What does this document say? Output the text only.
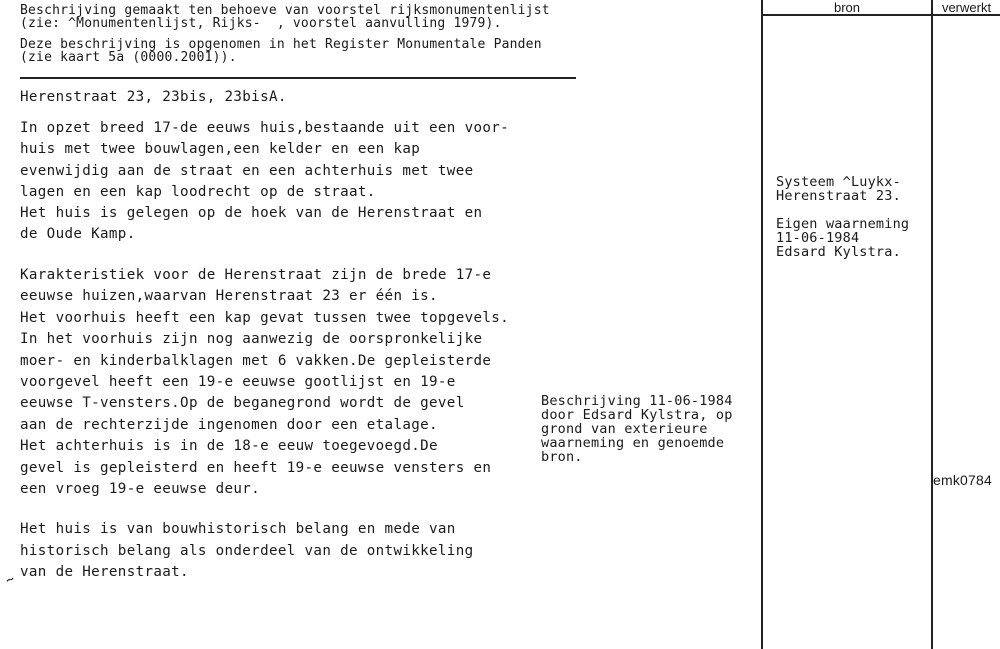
Beschrijving gemaakt ten behoeve van voorstel rijksmonumentenlijst
(zie: ^Monumentenlijst, Rijks-  , voorstel aanvulling 1979).
Deze beschrijving is opgenomen in het Register Monumentale Panden
(zie kaart 5a (0000.2001)).
bron	verwerkt
Herenstraat 23, 23bis, 23bisA.
In opzet breed 17-de eeuws huis,bestaande uit een voor-
huis met twee bouwlagen,een kelder en een kap
evenwijdig aan de straat en een achterhuis met twee
lagen en een kap loodrecht op de straat.
Het huis is gelegen op de hoek van de Herenstraat en
de Oude Kamp.
Karakteristiek voor de Herenstraat zijn de brede 17-e
eeuwse huizen,waarvan Herenstraat 23 er één is.
Het voorhuis heeft een kap gevat tussen twee topgevels.
In het voorhuis zijn nog aanwezig de oorspronkelijke
moer- en kinderbalklagen met 6 vakken.De gepleisterde
voorgevel heeft een 19-e eeuwse gootlijst en 19-e
eeuwse T-vensters.Op de beganegrond wordt de gevel
aan de rechterzijde ingenomen door een etalage.
Het achterhuis is in de 18-e eeuw toegevoegd.De
gevel is gepleisterd en heeft 19-e eeuwse vensters en
een vroeg 19-e eeuwse deur.
Het huis is van bouwhistorisch belang en mede van
historisch belang als onderdeel van de ontwikkeling
van de Herenstraat.
~
Beschrijving 11-06-1984
door Edsard Kylstra, op
grond van exterieure
waarneming en genoemde
bron.
Systeem ^Luykx-
Herenstraat 23.
Eigen waarneming
11-06-1984
Edsard Kylstra.
emk0784
